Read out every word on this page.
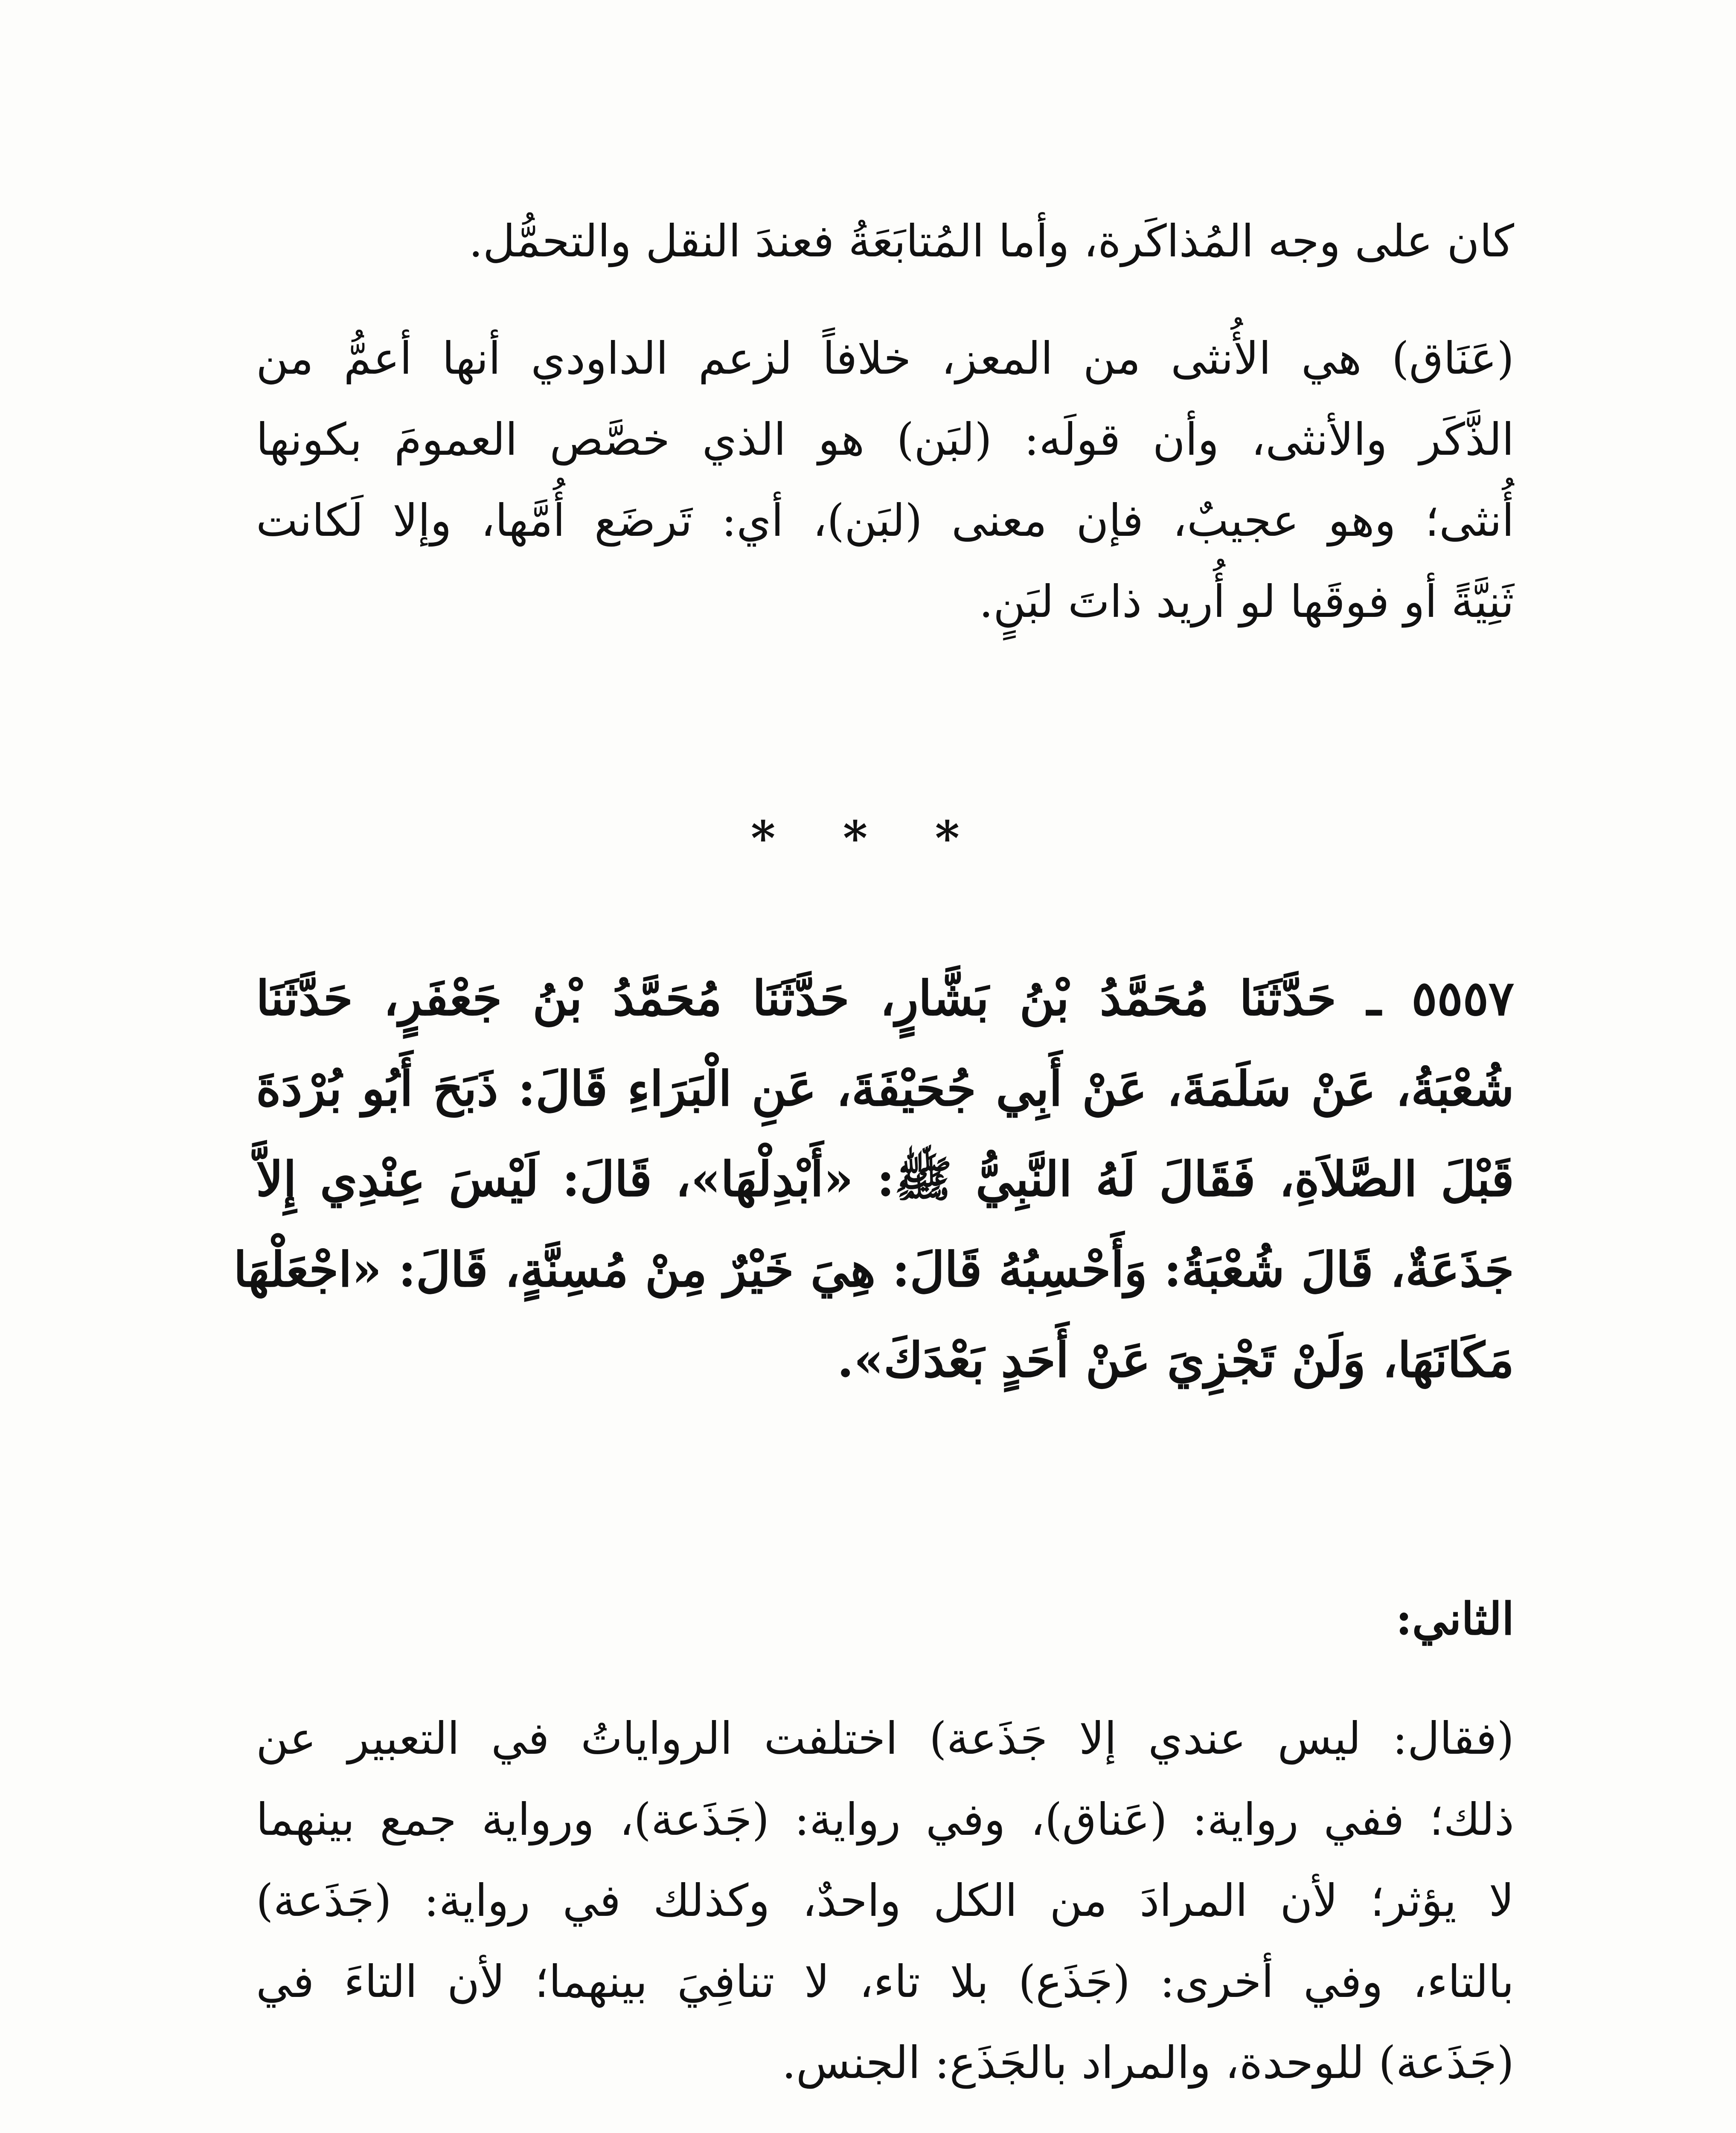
كان على وجه المُذاكَرة، وأما المُتابَعَةُ فعندَ النقل والتحمُّل.
(عَنَاق) هي الأُنثى من المعز، خلافاً لزعم الداودي أنها أعمُّ من
الذَّكَر والأنثى، وأن قولَه: (لبَن) هو الذي خصَّص العمومَ بكونها
أُنثى؛ وهو عجيبٌ، فإن معنى (لبَن)، أي: تَرضَع أُمَّها، وإلا لَكانت
ثَنِيَّةً أو فوقَها لو أُريد ذاتَ لبَنٍ.
* * *
٥٥٥٧ ـ حَدَّثَنَا مُحَمَّدُ بْنُ بَشَّارٍ، حَدَّثَنَا مُحَمَّدُ بْنُ جَعْفَرٍ، حَدَّثَنَا
شُعْبَةُ، عَنْ سَلَمَةَ، عَنْ أَبِي جُحَيْفَةَ، عَنِ الْبَرَاءِ قَالَ: ذَبَحَ أَبُو بُرْدَةَ
قَبْلَ الصَّلاَةِ، فَقَالَ لَهُ النَّبِيُّ ﷺ: «أَبْدِلْهَا»، قَالَ: لَيْسَ عِنْدِي إِلاَّ
جَذَعَةٌ، قَالَ شُعْبَةُ: وَأَحْسِبُهُ قَالَ: هِيَ خَيْرٌ مِنْ مُسِنَّةٍ، قَالَ: «اجْعَلْهَا
مَكَانَهَا، وَلَنْ تَجْزِيَ عَنْ أَحَدٍ بَعْدَكَ».
الثاني:
(فقال: ليس عندي إلا جَذَعة) اختلفت الرواياتُ في التعبير عن
ذلك؛ ففي رواية: (عَناق)، وفي رواية: (جَذَعة)، ورواية جمع بينهما
لا يؤثر؛ لأن المرادَ من الكل واحدٌ، وكذلك في رواية: (جَذَعة)
بالتاء، وفي أخرى: (جَذَع) بلا تاء، لا تنافِيَ بينهما؛ لأن التاءَ في
(جَذَعة) للوحدة، والمراد بالجَذَع: الجنس.
